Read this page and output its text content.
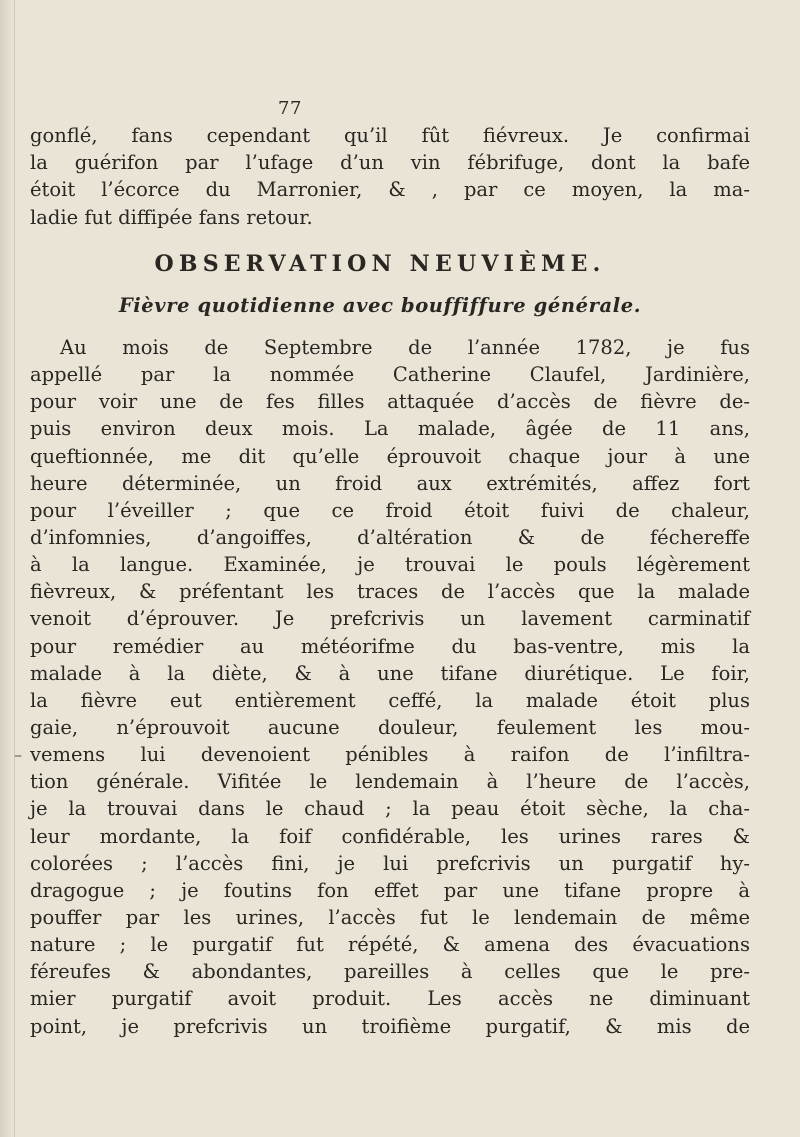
77
gonflé, fans cependant qu’il fût fiévreux. Je confirmai
la guérifon par l’ufage d’un vin fébrifuge, dont la bafe
étoit l’écorce du Marronier, & , par ce moyen, la ma-
ladie fut diffipée fans retour.
OBSERVATION NEUVIÈME.
Fièvre quotidienne avec bouffiffure générale.
Au mois de Septembre de l’année 1782, je fus
appellé par la nommée Catherine Claufel, Jardinière,
pour voir une de fes filles attaquée d’accès de fièvre de-
puis environ deux mois. La malade, âgée de 11 ans,
queftionnée, me dit qu’elle éprouvoit chaque jour à une
heure déterminée, un froid aux extrémités, affez fort
pour l’éveiller ; que ce froid étoit fuivi de chaleur,
d’infomnies, d’angoiffes, d’altération & de féchereffe
à la langue. Examinée, je trouvai le pouls légèrement
fièvreux, & préfentant les traces de l’accès que la malade
venoit d’éprouver. Je prefcrivis un lavement carminatif
pour remédier au météorifme du bas-ventre, mis la
malade à la diète, & à une tifane diurétique. Le foir,
la fièvre eut entièrement ceffé, la malade étoit plus
gaie, n’éprouvoit aucune douleur, feulement les mou-
vemens lui devenoient pénibles à raifon de l’infiltra-
tion générale. Vifitée le lendemain à l’heure de l’accès,
je la trouvai dans le chaud ; la peau étoit sèche, la cha-
leur mordante, la foif confidérable, les urines rares &
colorées ; l’accès fini, je lui prefcrivis un purgatif hy-
dragogue ; je foutins fon effet par une tifane propre à
pouffer par les urines, l’accès fut le lendemain de même
nature ; le purgatif fut répété, & amena des évacuations
féreufes & abondantes, pareilles à celles que le pre-
mier purgatif avoit produit. Les accès ne diminuant
point, je prefcrivis un troifième purgatif, & mis de
–
